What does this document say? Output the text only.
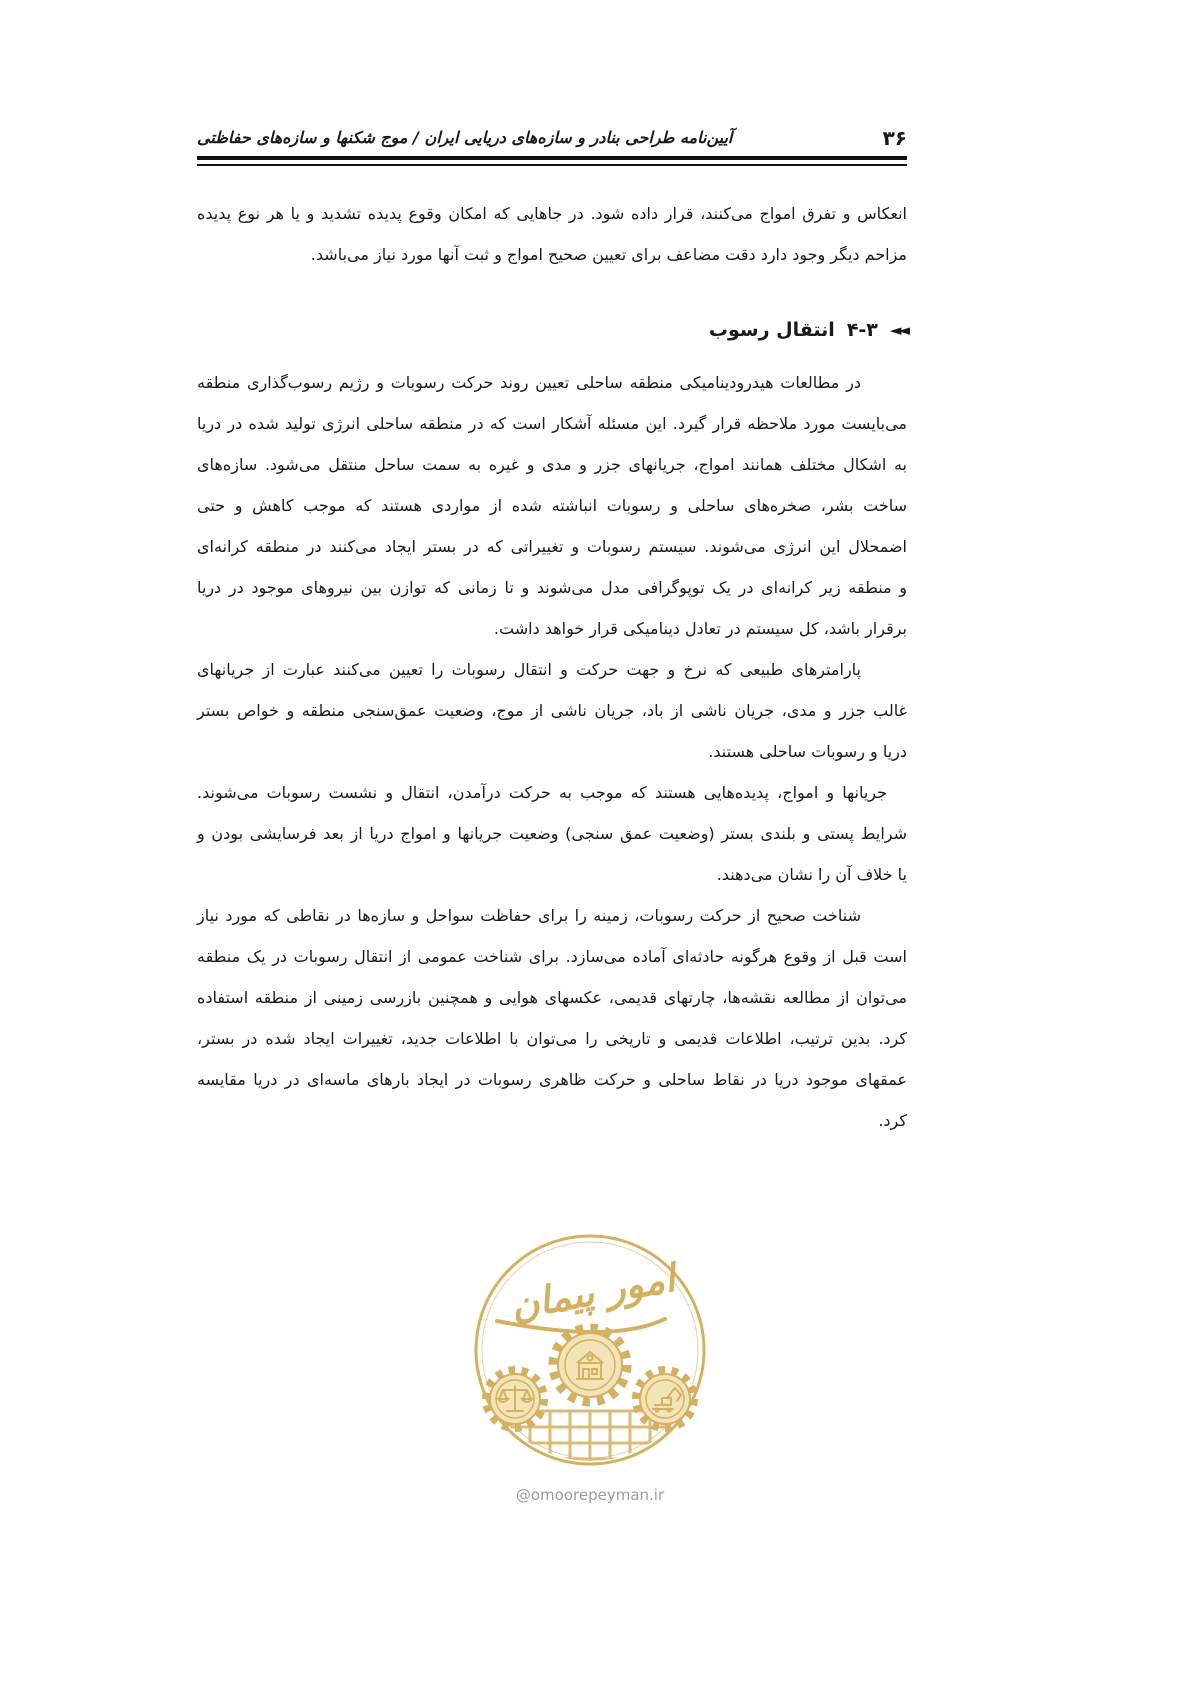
۳۶
آیین‌نامه طراحی بنادر و سازه‌های دریایی ایران / موج شکنها و سازه‌های حفاظتی
انعکاس و تفرق امواج می‌کنند، قرار داده شود. در جاهایی که امکان وقوع پدیده تشدید و یا هر نوع پدیده
مزاحم دیگر وجود دارد دقت مضاعف برای تعیین صحیح امواج و ثبت آنها مورد نیاز می‌باشد.
◄◄
۴-۳
انتقال رسوب
در مطالعات هیدرودینامیکی منطقه ساحلی تعیین روند حرکت رسوبات و رژیم رسوب‌گذاری منطقه
می‌بایست مورد ملاحظه قرار گیرد. این مسئله آشکار است که در منطقه ساحلی انرژی تولید شده در دریا
به اشکال مختلف همانند امواج، جریانهای جزر و مدی و غیره به سمت ساحل منتقل می‌شود. سازه‌های
ساخت بشر، صخره‌های ساحلی و رسوبات انباشته شده از مواردی هستند که موجب کاهش و حتی
اضمحلال این انرژی می‌شوند. سیستم رسوبات و تغییراتی که در بستر ایجاد می‌کنند در منطقه کرانه‌ای
و منطقه زیر کرانه‌ای در یک توپوگرافی مدل می‌شوند و تا زمانی که توازن بین نیروهای موجود در دریا
برقرار باشد، کل سیستم در تعادل دینامیکی قرار خواهد داشت.
پارامترهای طبیعی که نرخ و جهت حرکت و انتقال رسوبات را تعیین می‌کنند عبارت از جریانهای
غالب جزر و مدی، جریان ناشی از باد، جریان ناشی از موج، وضعیت عمق‌سنجی منطقه و خواص بستر
دریا و رسوبات ساحلی هستند.
جریانها و امواج، پدیده‌هایی هستند که موجب به حرکت درآمدن، انتقال و نشست رسوبات می‌شوند.
شرایط پستی و بلندی بستر (وضعیت عمق سنجی) وضعیت جریانها و امواج دریا از بعد فرسایشی بودن و
یا خلاف آن را نشان می‌دهند.
شناخت صحیح از حرکت رسوبات، زمینه را برای حفاظت سواحل و سازه‌ها در نقاطی که مورد نیاز
است قبل از وقوع هرگونه حادثه‌ای آماده می‌سازد. برای شناخت عمومی از انتقال رسوبات در یک منطقه
می‌توان از مطالعه نقشه‌ها، چارتهای قدیمی، عکسهای هوایی و همچنین بازرسی زمینی از منطقه استفاده
کرد. بدین ترتیب، اطلاعات قدیمی و تاریخی را می‌توان با اطلاعات جدید، تغییرات ایجاد شده در بستر،
عمقهای موجود دریا در نقاط ساحلی و حرکت ظاهری رسوبات در ایجاد بارهای ماسه‌ای در دریا مقایسه
کرد.
امور پیمان
@omoorepeyman.ir
